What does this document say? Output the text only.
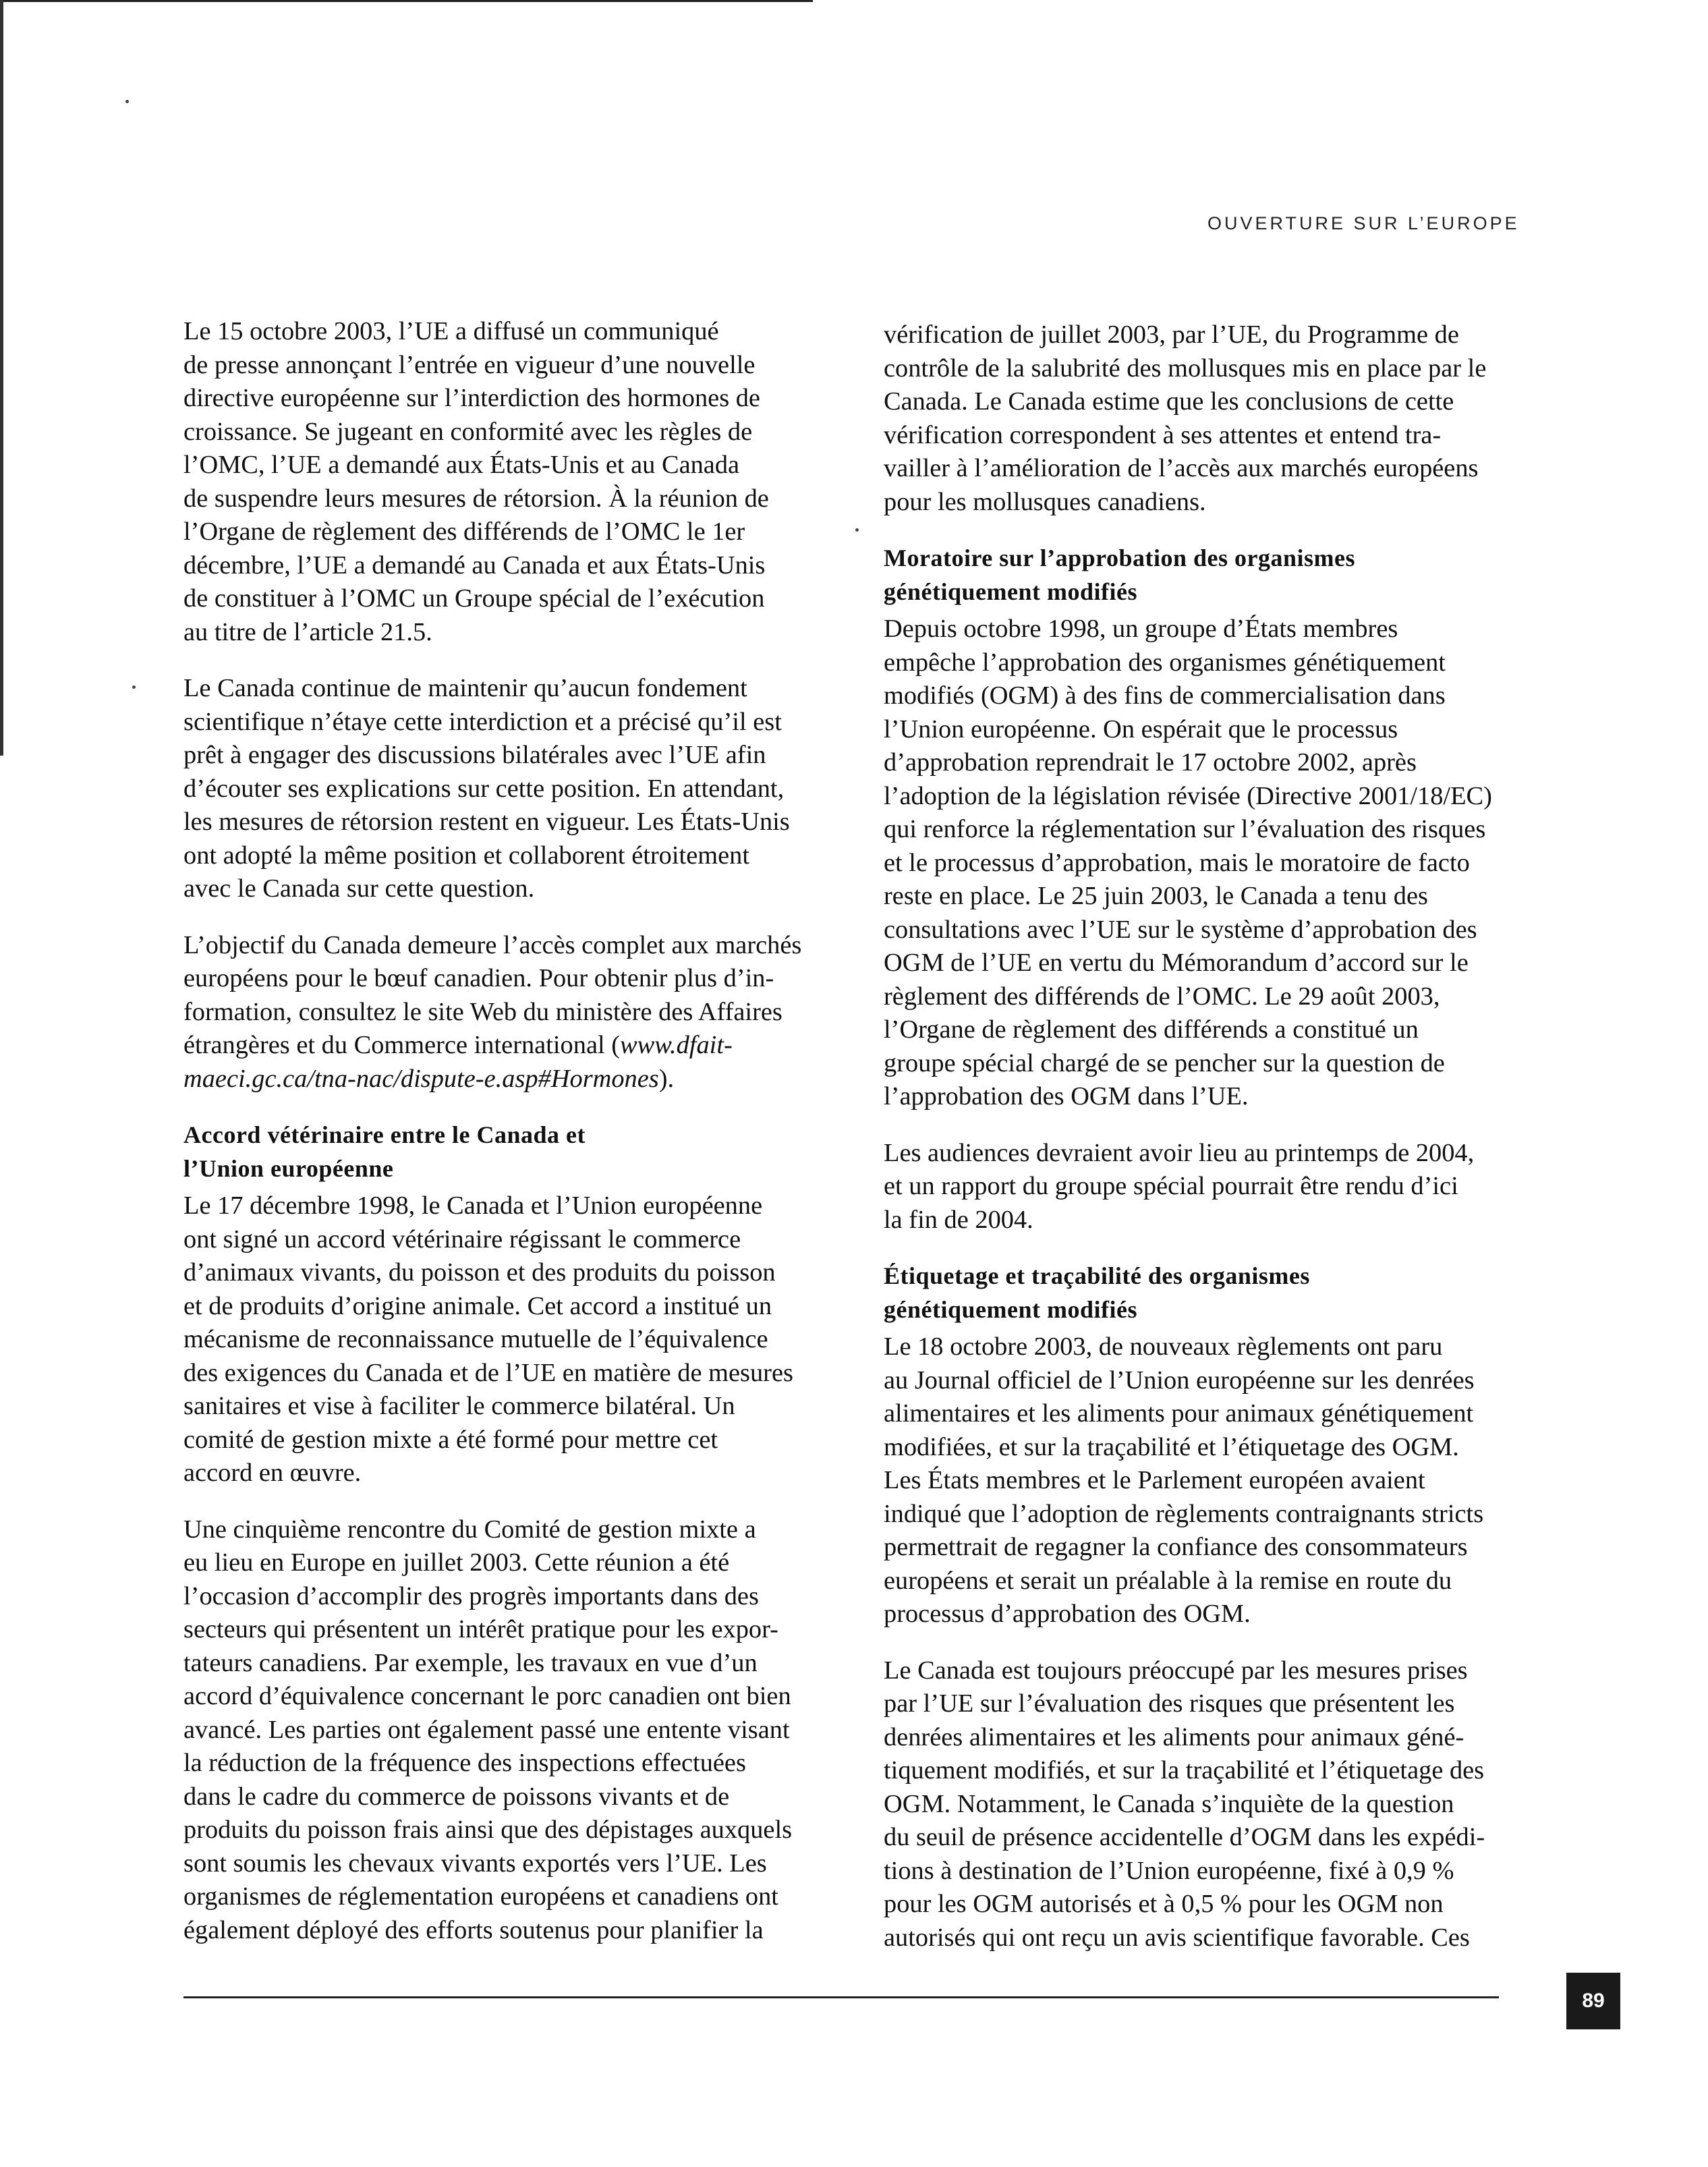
OUVERTURE SUR L’EUROPE

Le 15 octobre 2003, l’UE a diffusé un communiqué
de presse annonçant l’entrée en vigueur d’une nouvelle
directive européenne sur l’interdiction des hormones de
croissance. Se jugeant en conformité avec les règles de
l’OMC, l’UE a demandé aux États-Unis et au Canada
de suspendre leurs mesures de rétorsion. À la réunion de
l’Organe de règlement des différends de l’OMC le 1er
décembre, l’UE a demandé au Canada et aux États-Unis
de constituer à l’OMC un Groupe spécial de l’exécution
au titre de l’article 21.5.

Le Canada continue de maintenir qu’aucun fondement
scientifique n’étaye cette interdiction et a précisé qu’il est
prêt à engager des discussions bilatérales avec l’UE afin
d’écouter ses explications sur cette position. En attendant,
les mesures de rétorsion restent en vigueur. Les États-Unis
ont adopté la même position et collaborent étroitement
avec le Canada sur cette question.

L’objectif du Canada demeure l’accès complet aux marchés
européens pour le bœuf canadien. Pour obtenir plus d’in-
formation, consultez le site Web du ministère des Affaires
étrangères et du Commerce international (www.dfait-
maeci.gc.ca/tna-nac/dispute-e.asp#Hormones).

Accord vétérinaire entre le Canada et
l’Union européenne

Le 17 décembre 1998, le Canada et l’Union européenne
ont signé un accord vétérinaire régissant le commerce
d’animaux vivants, du poisson et des produits du poisson
et de produits d’origine animale. Cet accord a institué un
mécanisme de reconnaissance mutuelle de l’équivalence
des exigences du Canada et de l’UE en matière de mesures
sanitaires et vise à faciliter le commerce bilatéral. Un
comité de gestion mixte a été formé pour mettre cet
accord en œuvre.

Une cinquième rencontre du Comité de gestion mixte a
eu lieu en Europe en juillet 2003. Cette réunion a été
l’occasion d’accomplir des progrès importants dans des
secteurs qui présentent un intérêt pratique pour les expor-
tateurs canadiens. Par exemple, les travaux en vue d’un
accord d’équivalence concernant le porc canadien ont bien
avancé. Les parties ont également passé une entente visant
la réduction de la fréquence des inspections effectuées
dans le cadre du commerce de poissons vivants et de
produits du poisson frais ainsi que des dépistages auxquels
sont soumis les chevaux vivants exportés vers l’UE. Les
organismes de réglementation européens et canadiens ont
également déployé des efforts soutenus pour planifier la

vérification de juillet 2003, par l’UE, du Programme de
contrôle de la salubrité des mollusques mis en place par le
Canada. Le Canada estime que les conclusions de cette
vérification correspondent à ses attentes et entend tra-
vailler à l’amélioration de l’accès aux marchés européens
pour les mollusques canadiens.

Moratoire sur l’approbation des organismes
génétiquement modifiés

Depuis octobre 1998, un groupe d’États membres
empêche l’approbation des organismes génétiquement
modifiés (OGM) à des fins de commercialisation dans
l’Union européenne. On espérait que le processus
d’approbation reprendrait le 17 octobre 2002, après
l’adoption de la législation révisée (Directive 2001/18/EC)
qui renforce la réglementation sur l’évaluation des risques
et le processus d’approbation, mais le moratoire de facto
reste en place. Le 25 juin 2003, le Canada a tenu des
consultations avec l’UE sur le système d’approbation des
OGM de l’UE en vertu du Mémorandum d’accord sur le
règlement des différends de l’OMC. Le 29 août 2003,
l’Organe de règlement des différends a constitué un
groupe spécial chargé de se pencher sur la question de
l’approbation des OGM dans l’UE.

Les audiences devraient avoir lieu au printemps de 2004,
et un rapport du groupe spécial pourrait être rendu d’ici
la fin de 2004.

Étiquetage et traçabilité des organismes
génétiquement modifiés

Le 18 octobre 2003, de nouveaux règlements ont paru
au Journal officiel de l’Union européenne sur les denrées
alimentaires et les aliments pour animaux génétiquement
modifiées, et sur la traçabilité et l’étiquetage des OGM.
Les États membres et le Parlement européen avaient
indiqué que l’adoption de règlements contraignants stricts
permettrait de regagner la confiance des consommateurs
européens et serait un préalable à la remise en route du
processus d’approbation des OGM.

Le Canada est toujours préoccupé par les mesures prises
par l’UE sur l’évaluation des risques que présentent les
denrées alimentaires et les aliments pour animaux géné-
tiquement modifiés, et sur la traçabilité et l’étiquetage des
OGM. Notamment, le Canada s’inquiète de la question
du seuil de présence accidentelle d’OGM dans les expédi-
tions à destination de l’Union européenne, fixé à 0,9 %
pour les OGM autorisés et à 0,5 % pour les OGM non
autorisés qui ont reçu un avis scientifique favorable. Ces

89
